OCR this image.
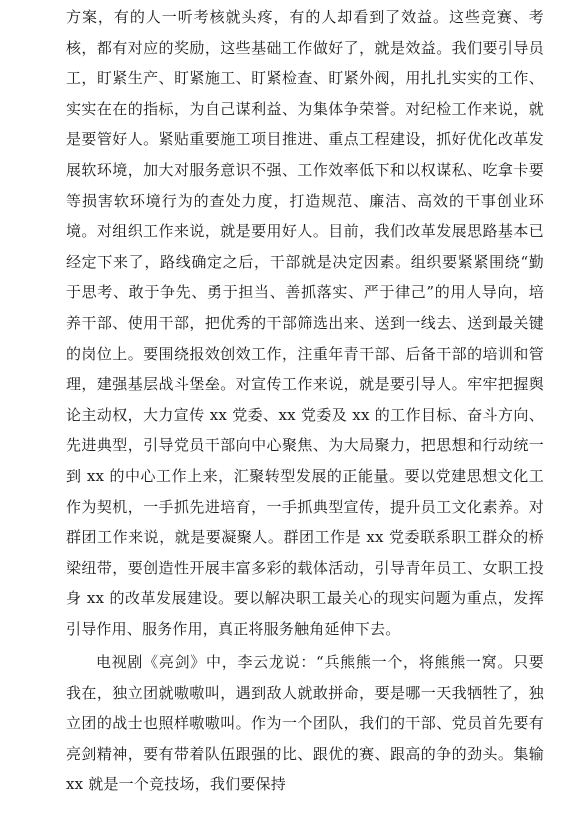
方案，有的人一听考核就头疼，有的人却看到了效益。这些竞赛、考核，都有对应的奖励，这些基础工作做好了，就是效益。我们要引导员工，盯紧生产、盯紧施工、盯紧检查、盯紧外阀，用扎扎实实的工作、实实在在的指标，为自己谋利益、为集体争荣誉。对纪检工作来说，就是要管好人。紧贴重要施工项目推进、重点工程建设，抓好优化改革发展软环境，加大对服务意识不强、工作效率低下和以权谋私、吃拿卡要等损害软环境行为的查处力度，打造规范、廉洁、高效的干事创业环境。对组织工作来说，就是要用好人。目前，我们改革发展思路基本已经定下来了，路线确定之后，干部就是决定因素。组织要紧紧围绕“勤于思考、敢于争先、勇于担当、善抓落实、严于律己”的用人导向，培养干部、使用干部，把优秀的干部筛选出来、送到一线去、送到最关键的岗位上。要围绕报效创效工作，注重年青干部、后备干部的培训和管理，建强基层战斗堡垒。对宣传工作来说，就是要引导人。牢牢把握舆论主动权，大力宣传 xx 党委、xx 党委及 xx 的工作目标、奋斗方向、先进典型，引导党员干部向中心聚焦、为大局聚力，把思想和行动统一到 xx 的中心工作上来，汇聚转型发展的正能量。要以党建思想文化工作为契机，一手抓先进培育，一手抓典型宣传，提升员工文化素养。对群团工作来说，就是要凝聚人。群团工作是 xx 党委联系职工群众的桥梁纽带，要创造性开展丰富多彩的载体活动，引导青年员工、女职工投身 xx 的改革发展建设。要以解决职工最关心的现实问题为重点，发挥引导作用、服务作用，真正将服务触角延伸下去。

电视剧《亮剑》中，李云龙说：“兵熊熊一个，将熊熊一窝。只要我在，独立团就嗷嗷叫，遇到敌人就敢拼命，要是哪一天我牺牲了，独立团的战士也照样嗷嗷叫。作为一个团队，我们的干部、党员首先要有亮剑精神，要有带着队伍跟强的比、跟优的赛、跟高的争的劲头。集输 xx 就是一个竞技场，我们要保持
